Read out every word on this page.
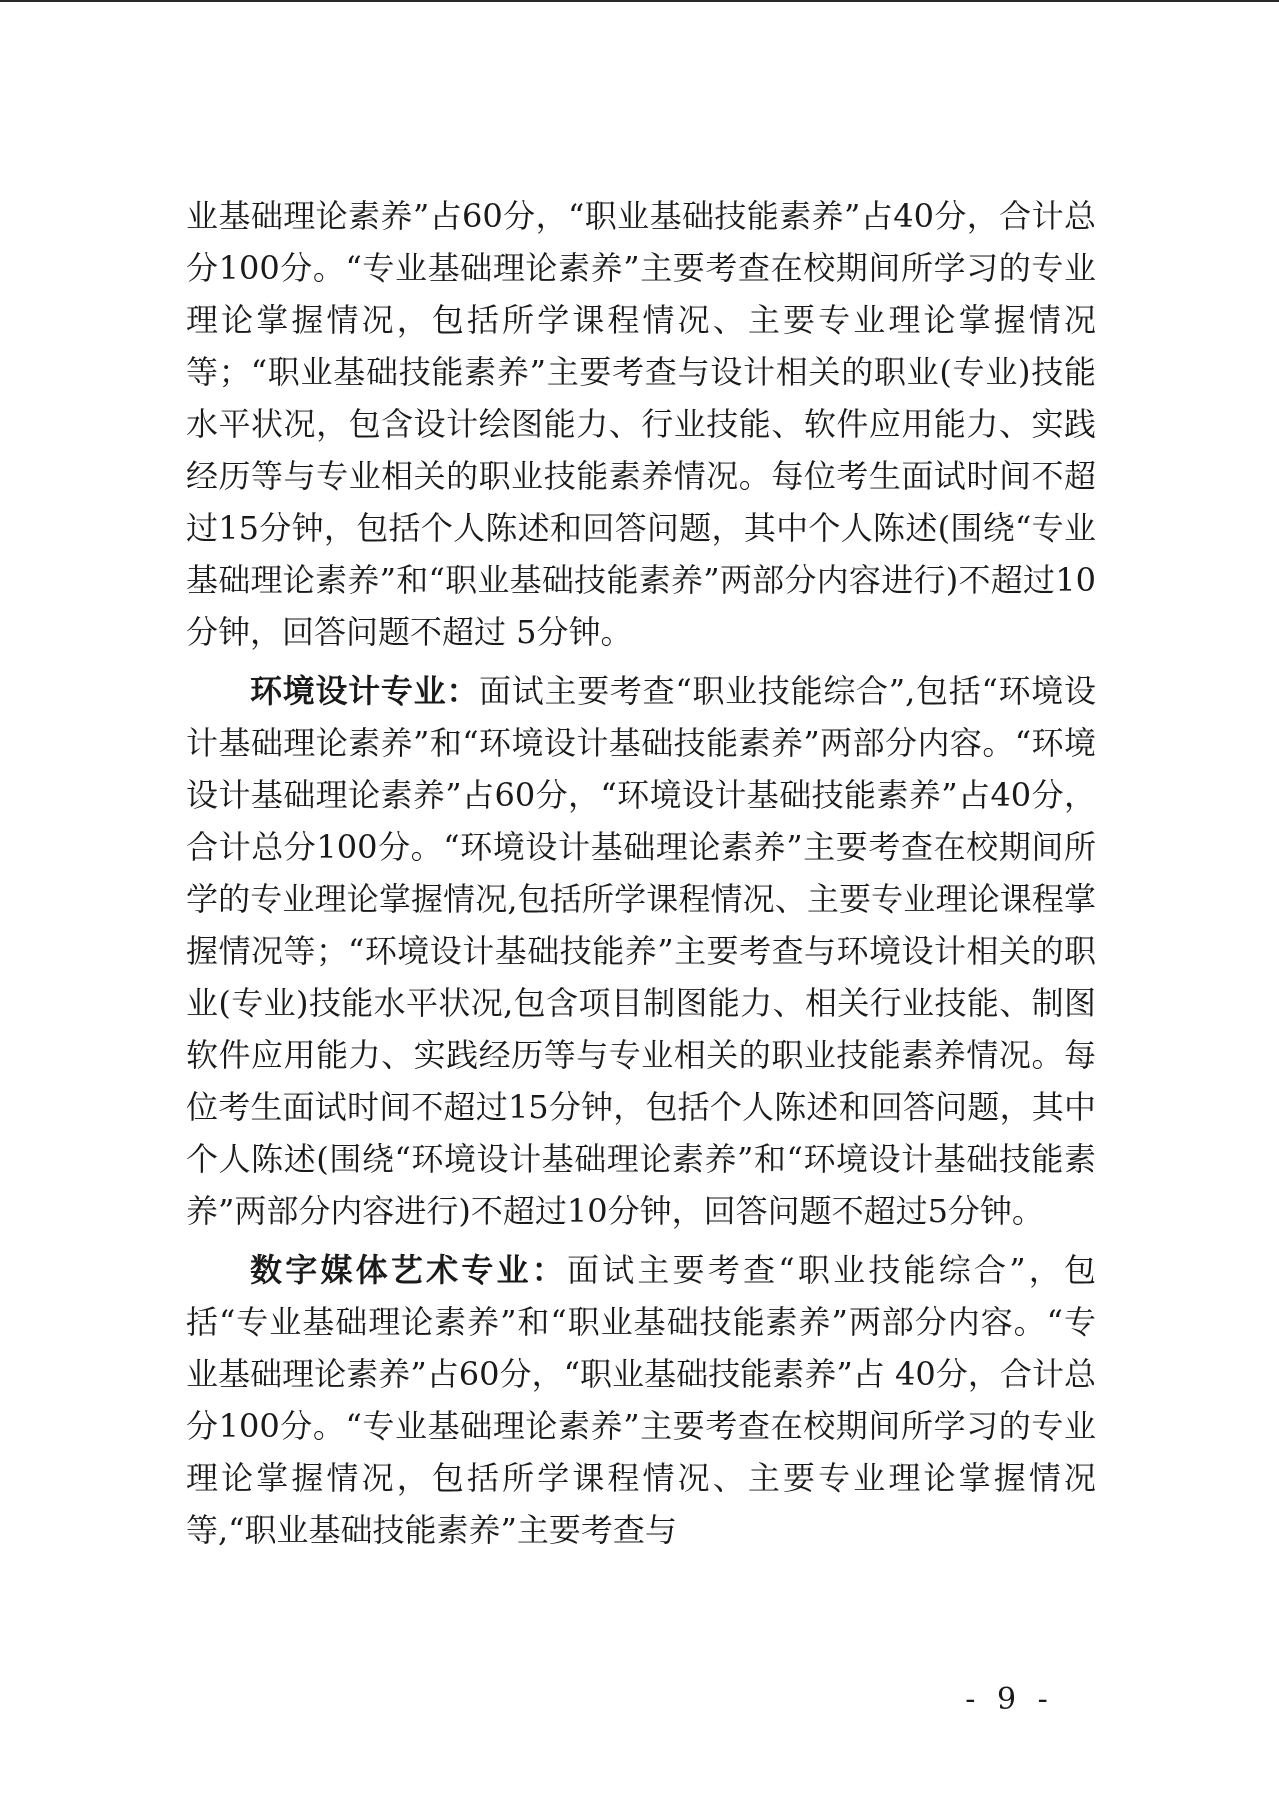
业基础理论素养”占60分，“职业基础技能素养”占40分，合计总分100分。“专业基础理论素养”主要考查在校期间所学习的专业理论掌握情况，包括所学课程情况、主要专业理论掌握情况等；“职业基础技能素养”主要考查与设计相关的职业(专业)技能水平状况，包含设计绘图能力、行业技能、软件应用能力、实践经历等与专业相关的职业技能素养情况。每位考生面试时间不超过15分钟，包括个人陈述和回答问题，其中个人陈述(围绕“专业基础理论素养”和“职业基础技能素养”两部分内容进行)不超过10分钟，回答问题不超过 5分钟。

环境设计专业：面试主要考查“职业技能综合”,包括“环境设计基础理论素养”和“环境设计基础技能素养”两部分内容。“环境设计基础理论素养”占60分，“环境设计基础技能素养”占40分，合计总分100分。“环境设计基础理论素养”主要考查在校期间所学的专业理论掌握情况,包括所学课程情况、主要专业理论课程掌握情况等；“环境设计基础技能养”主要考查与环境设计相关的职业(专业)技能水平状况,包含项目制图能力、相关行业技能、制图软件应用能力、实践经历等与专业相关的职业技能素养情况。每位考生面试时间不超过15分钟，包括个人陈述和回答问题，其中个人陈述(围绕“环境设计基础理论素养”和“环境设计基础技能素养”两部分内容进行)不超过10分钟，回答问题不超过5分钟。

数字媒体艺术专业：面试主要考查“职业技能综合”，包括“专业基础理论素养”和“职业基础技能素养”两部分内容。“专业基础理论素养”占60分，“职业基础技能素养”占 40分，合计总分100分。“专业基础理论素养”主要考查在校期间所学习的专业理论掌握情况，包括所学课程情况、主要专业理论掌握情况等,“职业基础技能素养”主要考查与

- 9 -
